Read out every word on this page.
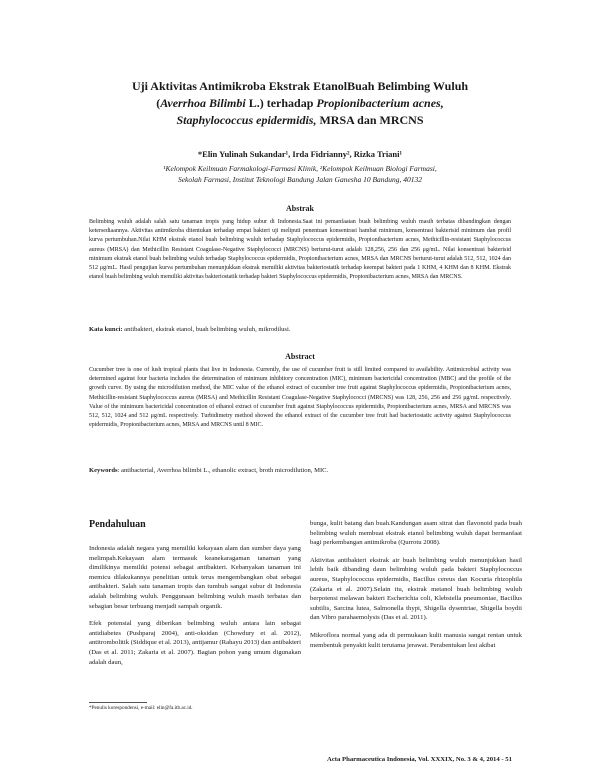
Uji Aktivitas Antimikroba Ekstrak EtanolBuah Belimbing Wuluh
(Averrhoa Bilimbi L.) terhadap Propionibacterium acnes,
Staphylococcus epidermidis, MRSA dan MRCNS
*Elin Yulinah Sukandar¹, Irda Fidrianny², Rizka Triani¹
¹Kelompok Keilmuan Farmakologi-Farmasi Klinik, ²Kelompok Keilmuan Biologi Farmasi,
Sekolah Farmasi, Institut Teknologi Bandung Jalan Ganesha 10 Bandung, 40132
Abstrak
Belimbing wuluh adalah salah satu tanaman tropis yang hidup subur di Indonesia.Saat ini pemanfaatan buah belimbing wuluh masih terbatas dibandingkan dengan ketersediaannya. Aktivitas antimikroba ditentukan terhadap empat bakteri uji meliputi penentuan konsentrasi hambat minimum, konsentrasi bakterisid minimum dan profil kurva pertumbuhan.Nilai KHM ekstrak etanol buah belimbing wuluh terhadap Staphylococcus epidermidis, Propionibacterium acnes, Methicillin-resistant Staphylococcus aureus (MRSA) dan Methicillin Resistant Coagulase-Negative Staphylococci (MRCNS) berturut-turut adalah 128,256, 256 dan 256 μg/mL. Nilai konsentrasi bakterisid minimum ekstrak etanol buah belimbing wuluh terhadap Staphylococcus epidermidis, Propionibacterium acnes, MRSA dan MRCNS berturut-turut adalah 512, 512, 1024 dan 512 μg/mL. Hasil pengujian kurva pertumbuhan menunjukkan ekstrak memiliki aktivitas bakteriostatik terhadap keempat bakteri pada 1 KHM, 4 KHM dan 8 KHM. Ekstrak etanol buah belimbing wuluh memiliki aktivitas bakteriostatik terhadap bakteri Staphylococcus epidermidis, Propionibacterium acnes, MRSA dan MRCNS.
Kata kunci: antibakteri, ekstrak etanol, buah belimbing wuluh, mikrodilusi.
Abstract
Cucumber tree is one of lush tropical plants that live in Indonesia. Currently, the use of cucumber fruit is still limited compared to availability. Antimicrobial activity was determined against four bacteria includes the determination of minimum inhibitory concentration (MIC), minimum bactericidal concentration (MBC) and the profile of the growth curve. By using the microdilution method, the MIC value of the ethanol extract of cucumber tree fruit against Staphylococcus epidermidis, Propionibacterium acnes, Methicillin-resistant Staphylococcus aureus (MRSA) and Methicillin Resistant Coagulase-Negative Staphylococci (MRCNS) was 128, 256, 256 and 256 μg/mL respectively. Value of the minimum bactericidal concentration of ethanol extract of cucumber fruit against Staphylococcus epidermidis, Propionibacterium acnes, MRSA and MRCNS was 512, 512, 1024 and 512 μg/mL respectively. Turbidimetry method showed the ethanol extract of the cucumber tree fruit had bacteriostatic activity against Staphylococcus epidermidis, Propionibacterium acnes, MRSA and MRCNS until 8 MIC.
Keywords: antibacterial, Averrhoa bilimbi L., ethanolic extract, broth microdilution, MIC.
Pendahuluan

Indonesia adalah negara yang memiliki kekayaan alam dan sumber daya yang melimpah.Kekayaan alam termasuk keanekaragaman tanaman yang dimilikinya memiliki potensi sebagai antibakteri. Kebanyakan tanaman ini memicu dilakukannya penelitian untuk terus mengembangkan obat sebagai antibakteri. Salah satu tanaman tropis dan tumbuh sangat subur di Indonesia adalah belimbing wuluh. Penggunaan belimbing wuluh masih terbatas dan sebagian besar terbuang menjadi sampah organik.

Efek potensial yang diberikan belimbing wuluh antara lain sebagai antidiabetes (Pushparaj 2004), anti-oksidan (Chowdury et al. 2012), antitrombolitik (Siddique et al. 2013), antijamur (Rahayu 2013) dan antibakteri (Das et al. 2011; Zakaria et al. 2007). Bagian pohon yang umum digunakan adalah daun,

bunga, kulit batang dan buah.Kandungan asam sitrat dan flavonoid pada buah belimbing wuluh membuat ekstrak etanol belimbing wuluh dapat bermanfaat bagi perkembangan antimikroba (Qurrotu 2008).

Aktivitas antibakteri ekstrak air buah belimbing wuluh menunjukkan hasil lebih baik dibanding daun belimbing wuluh pada bakteri Staphylococcus aureus, Staphylococcus epidermidis, Bacillus cereus dan Kocuria rhizophila (Zakaria et al. 2007).Selain itu, ekstrak metanol buah belimbing wuluh berpotensi melawan bakteri Escherichia coli, Klebsiella pneumoniae, Bacillus subtilis, Sarcina lutea, Salmonella thypi, Shigella dysentriae, Shigella boydii dan Vibro parahaemolysis (Das et al. 2011).

Mikroflora normal yang ada di permukaan kulit manusia sangat rentan untuk membentuk penyakit kulit terutama jerawat. Perabentukan lesi akibat

*Penulis korespondensi, e-mail: elin@fa.itb.ac.id.
Acta Pharmaceutica Indonesia, Vol. XXXIX, No. 3 & 4, 2014 - 51
